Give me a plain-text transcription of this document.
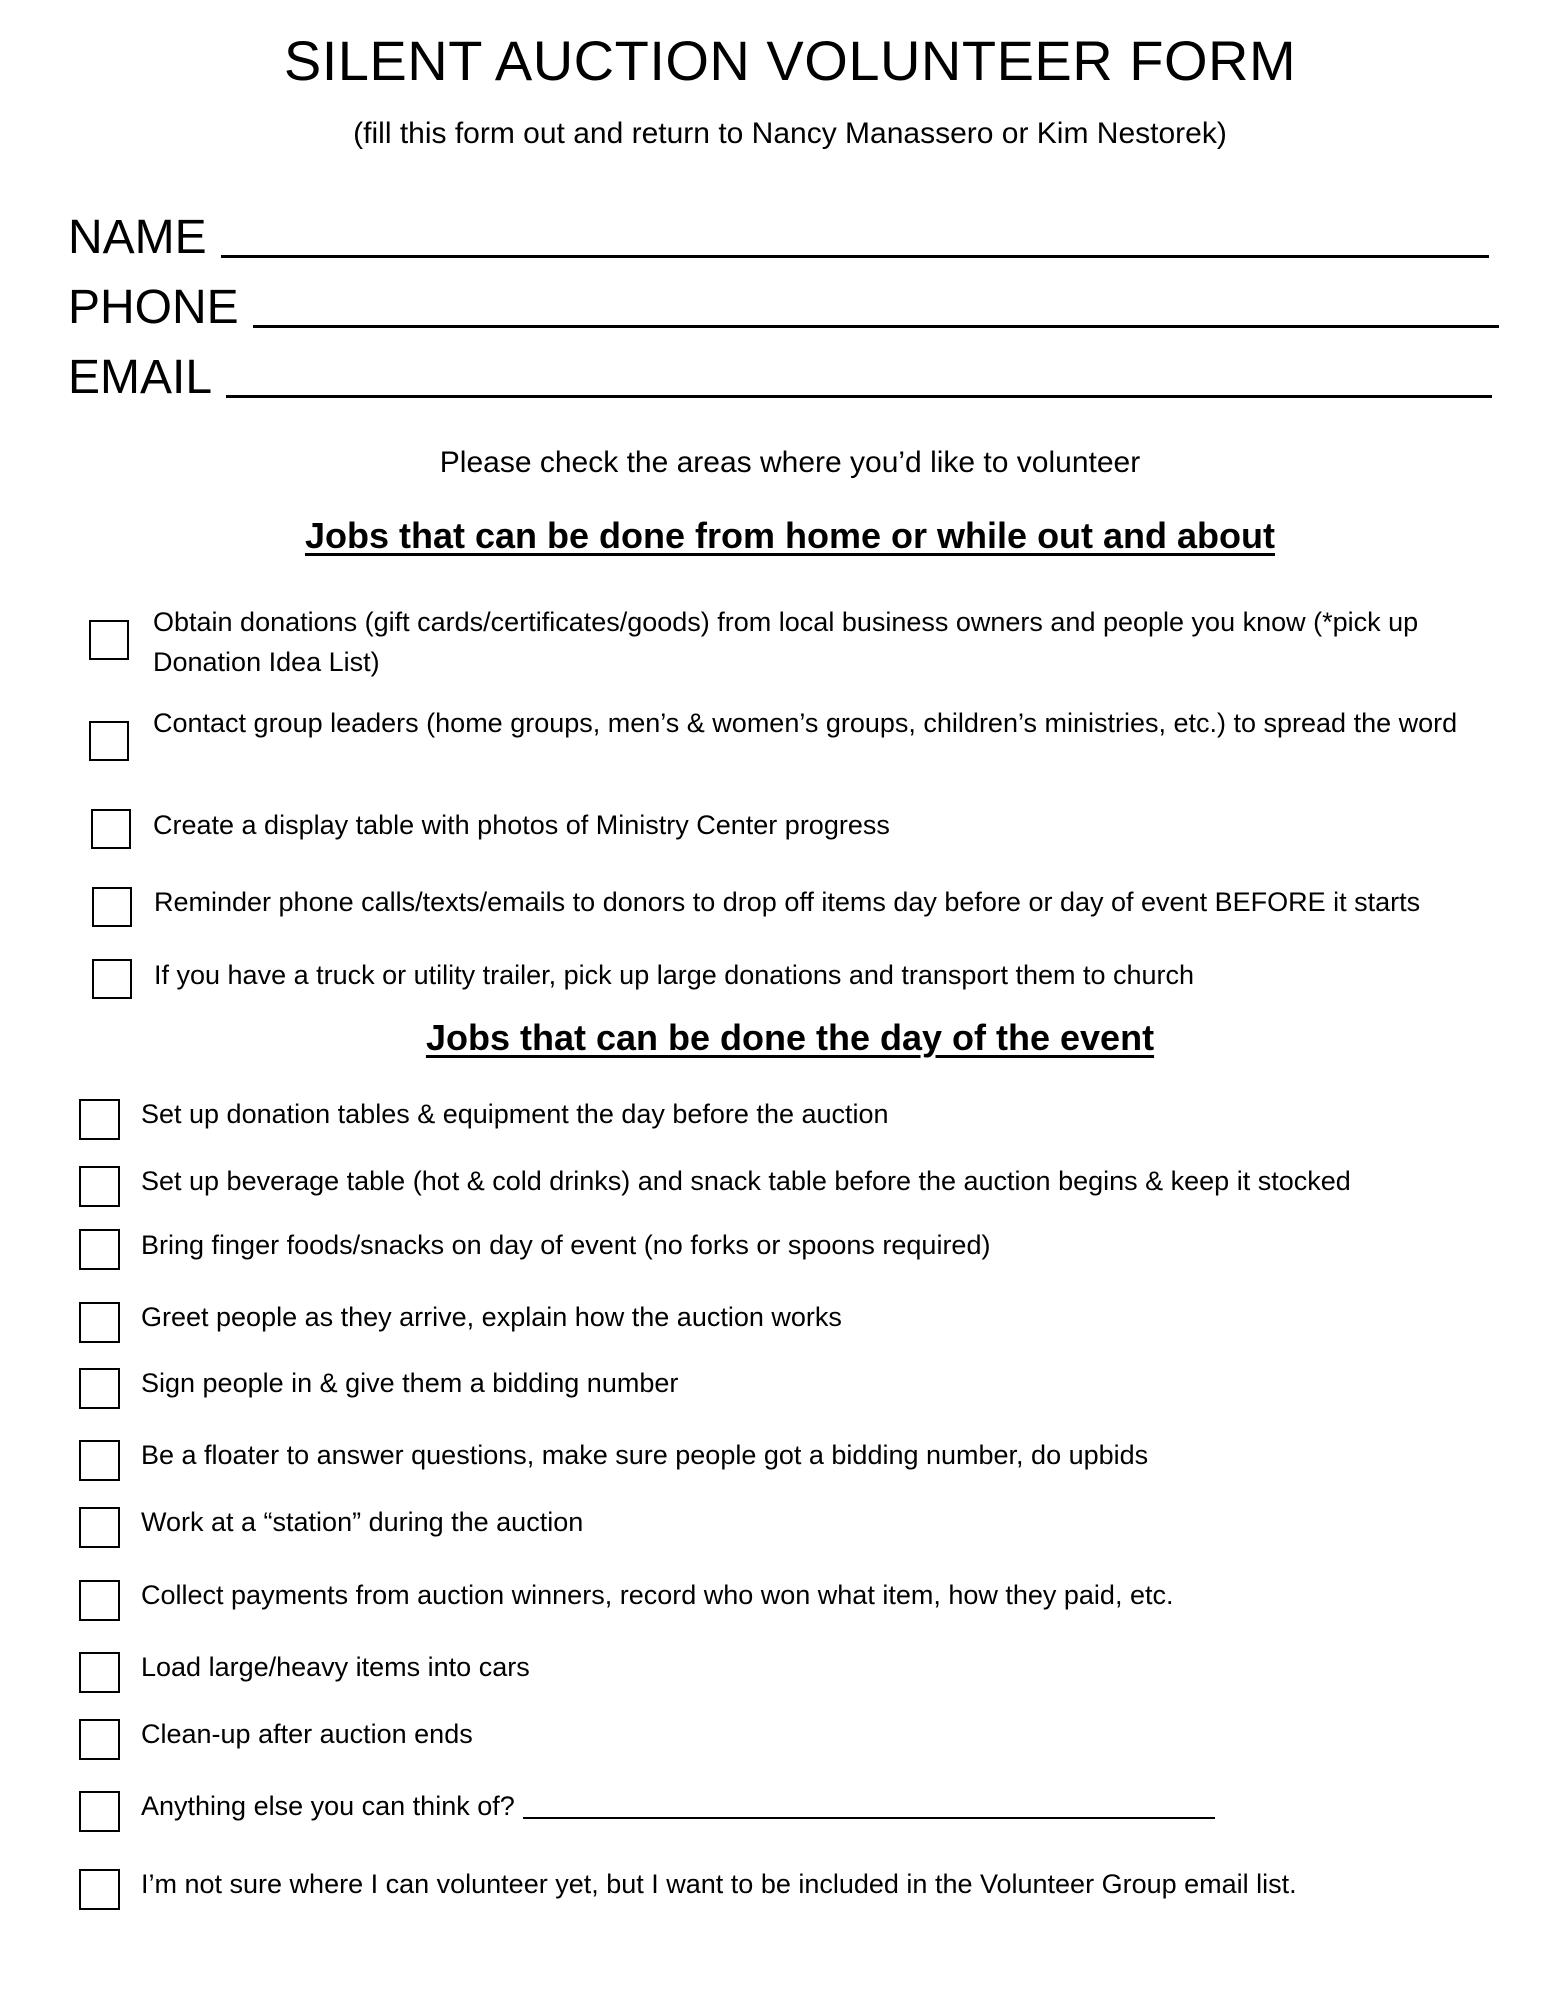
SILENT AUCTION VOLUNTEER FORM
(fill this form out and return to Nancy Manassero or Kim Nestorek)
NAME
PHONE
EMAIL
Please check the areas where you’d like to volunteer
Jobs that can be done from home or while out and about
Obtain donations (gift cards/certificates/goods) from local business owners and people you know (*pick up Donation Idea List)
Contact group leaders (home groups, men’s & women’s groups, children’s ministries, etc.) to spread the word
Create a display table with photos of Ministry Center progress
Reminder phone calls/texts/emails to donors to drop off items day before or day of event BEFORE it starts
If you have a truck or utility trailer, pick up large donations and transport them to church
Jobs that can be done the day of the event
Set up donation tables & equipment the day before the auction
Set up beverage table (hot & cold drinks) and snack table before the auction begins & keep it stocked
Bring finger foods/snacks on day of event (no forks or spoons required)
Greet people as they arrive, explain how the auction works
Sign people in & give them a bidding number
Be a floater to answer questions, make sure people got a bidding number, do upbids
Work at a “station” during the auction
Collect payments from auction winners, record who won what item, how they paid, etc.
Load large/heavy items into cars
Clean-up after auction ends
Anything else you can think of?
I’m not sure where I can volunteer yet, but I want to be included in the Volunteer Group email list.
